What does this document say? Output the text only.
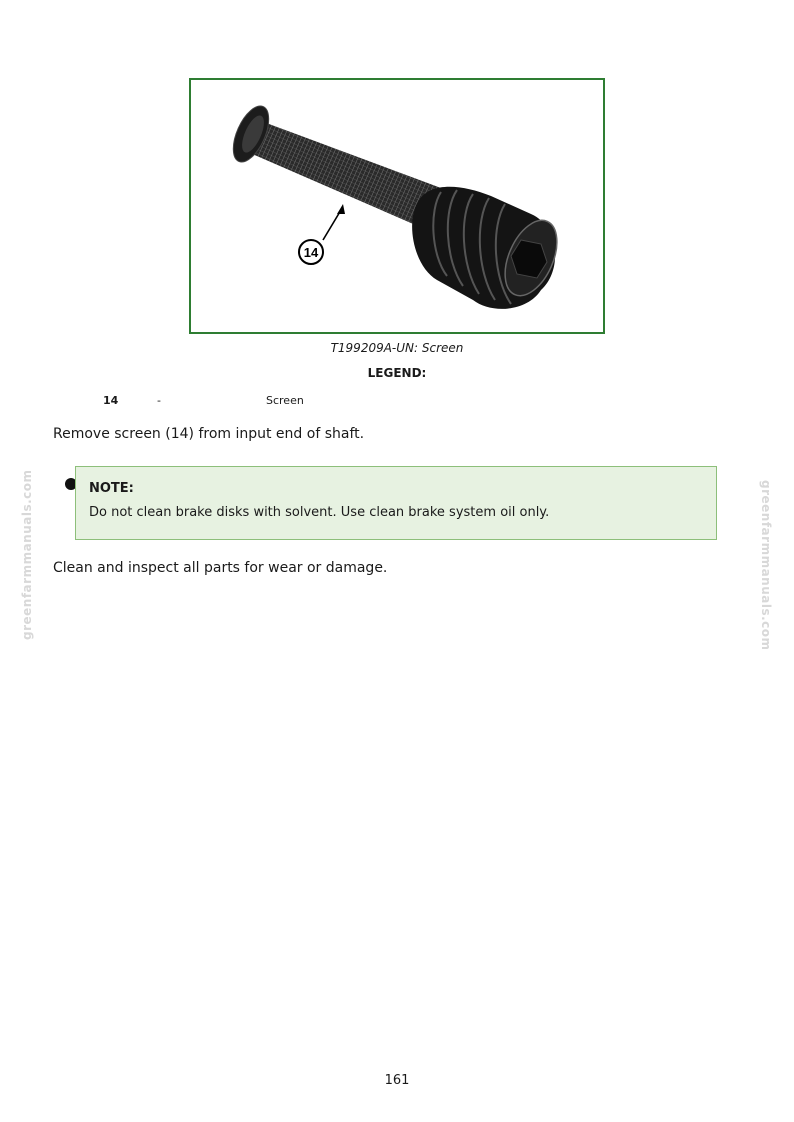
14
T199209A-UN: Screen
LEGEND:
14	-	Screen
Remove screen (14) from input end of shaft.
NOTE:
Do not clean brake disks with solvent. Use clean brake system oil only.
Clean and inspect all parts for wear or damage.
greenfarmmanuals.com	greenfarmmanuals.com
161
